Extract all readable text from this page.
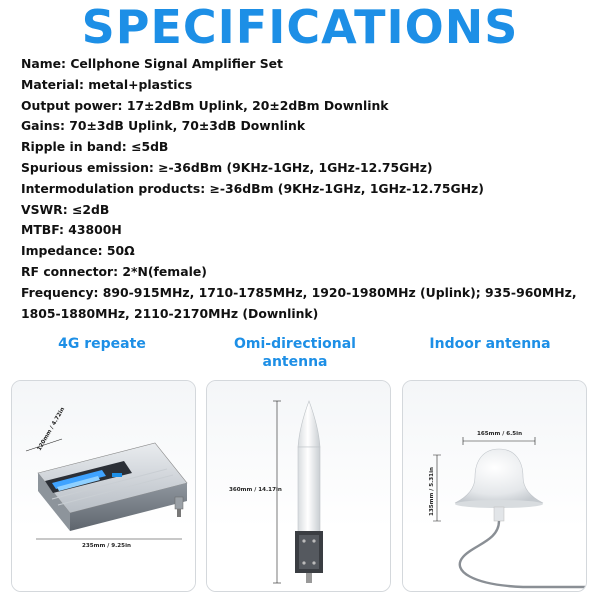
SPECIFICATIONS
Name: Cellphone Signal Amplifier Set
Material: metal+plastics
Output power: 17±2dBm Uplink, 20±2dBm Downlink
Gains: 70±3dB Uplink, 70±3dB Downlink
Ripple in band: ≤5dB
Spurious emission: ≥-36dBm (9KHz-1GHz, 1GHz-12.75GHz)
Intermodulation products: ≥-36dBm (9KHz-1GHz, 1GHz-12.75GHz)
VSWR: ≤2dB
MTBF: 43800H
Impedance: 50Ω
RF connector: 2*N(female)
Frequency: 890-915MHz, 1710-1785MHz, 1920-1980MHz (Uplink); 935-960MHz, 1805-1880MHz, 2110-2170MHz (Downlink)
4G repeate	Omi-directional antenna
Indoor antenna
120mm / 4.72in
235mm / 9.25in
360mm / 14.17in
165mm / 6.5in
135mm / 5.31in
